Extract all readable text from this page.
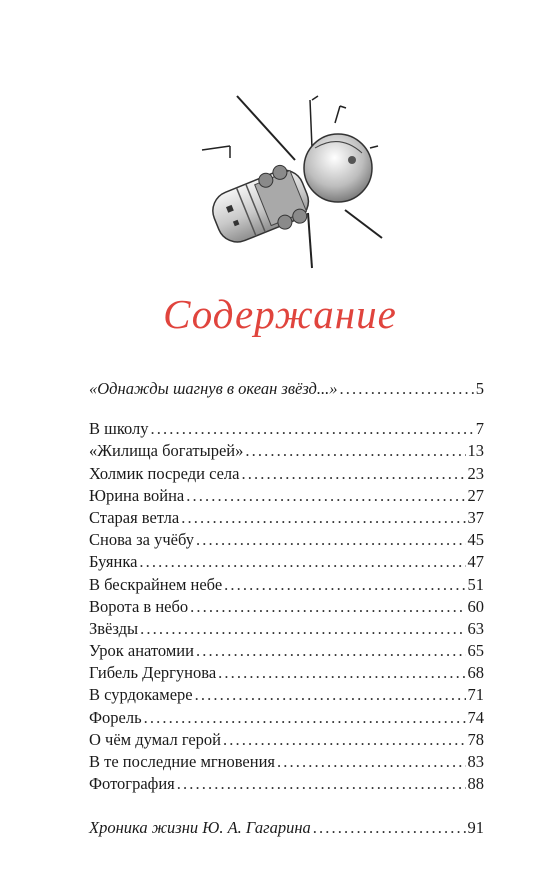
Содержание
«Однажды шагнув в океан звёзд...» . . .	5
В школу . . .	7
«Жилища богатырей» . . .	13
Холмик посреди села . . .	23
Юрина война . . .	27
Старая ветла . . .	37
Снова за учёбу . . .	45
Буянка . . .	47
В бескрайнем небе . . .	51
Ворота в небо . . .	60
Звёзды . . .	63
Урок анатомии . . .	65
Гибель Дергунова . . .	68
В сурдокамере . . .	71
Форель . . .	74
О чём думал герой . . .	78
В те последние мгновения . . .	83
Фотография . . .	88
Хроника жизни Ю. А. Гагарина . . .	91
